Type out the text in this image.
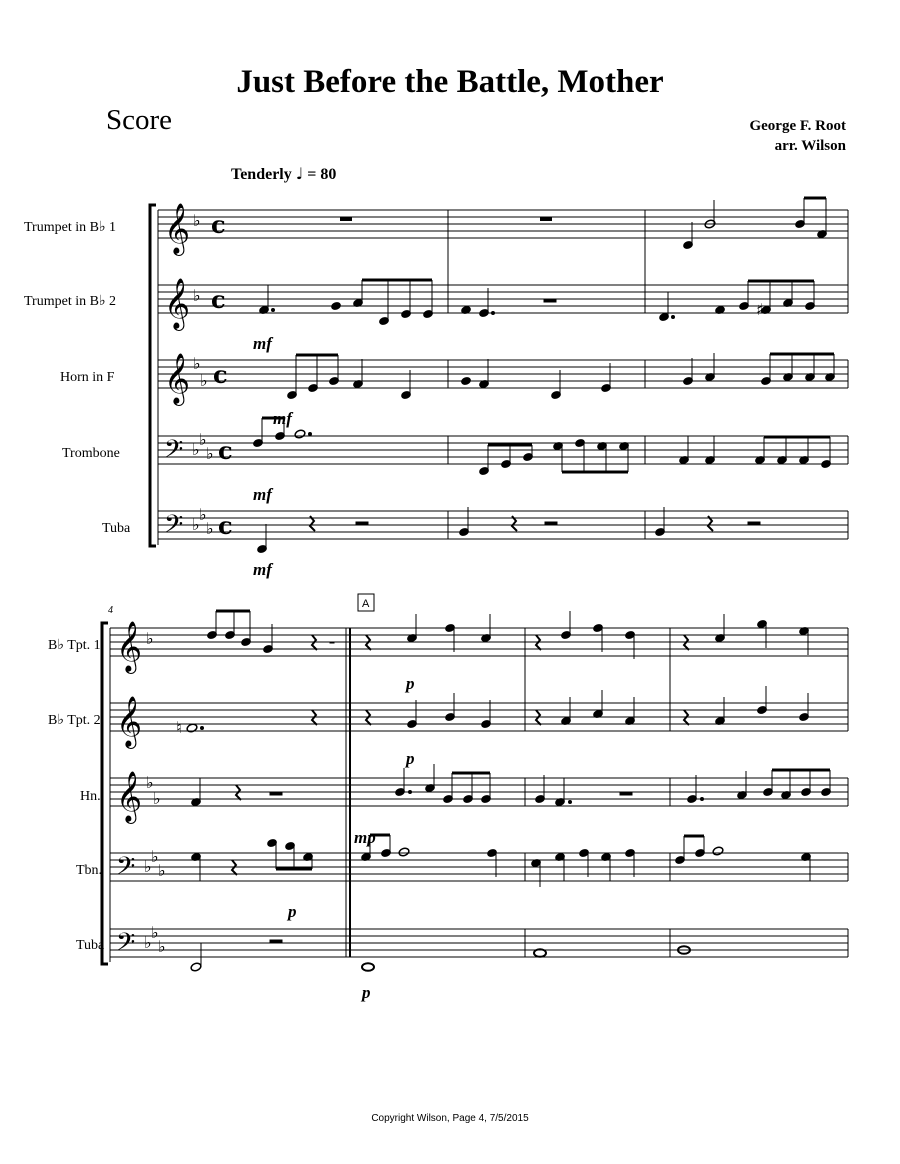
Just Before the Battle, Mother
Score	George F. Root
arr. Wilson
Tenderly ♩ = 80
Trumpet in B♭ 1
Trumpet in B♭ 2
Horn in F
Trombone
Tuba
𝄞
𝄞
𝄞
𝄢
𝄢
♭
♭
♭
♭
♭
♭
♭
♭
♭
♭
c
c
c
c
c
♯
mf
mf
mf
mf
4
B♭ Tpt. 1
B♭ Tpt. 2
Hn.
Tbn.
Tuba
A
𝄞
𝄞
𝄞
𝄢
𝄢
♭
♭
♭
♭
♭
♭
♭
♭
♭
♮
p
p
mp
p
p
Copyright Wilson, Page 4, 7/5/2015
